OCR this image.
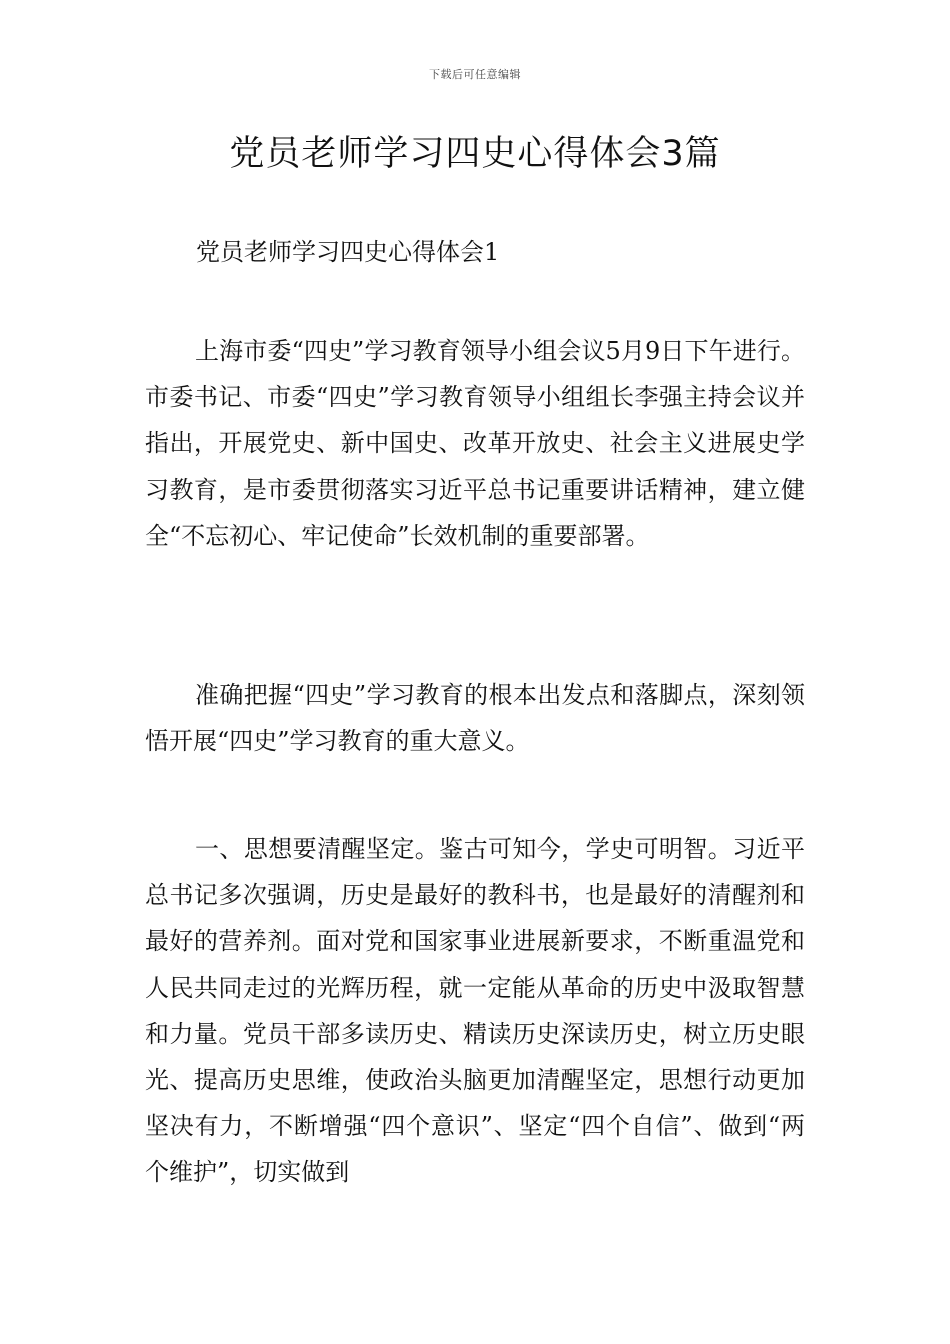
下载后可任意编辑
党员老师学习四史心得体会3篇

党员老师学习四史心得体会1

上海市委“四史”学习教育领导小组会议5月9日下午进行。市委书记、市委“四史”学习教育领导小组组长李强主持会议并指出，开展党史、新中国史、改革开放史、社会主义进展史学习教育，是市委贯彻落实习近平总书记重要讲话精神，建立健全“不忘初心、牢记使命”长效机制的重要部署。

准确把握“四史”学习教育的根本出发点和落脚点，深刻领悟开展“四史”学习教育的重大意义。

一、思想要清醒坚定。鉴古可知今，学史可明智。习近平总书记多次强调，历史是最好的教科书，也是最好的清醒剂和最好的营养剂。面对党和国家事业进展新要求，不断重温党和人民共同走过的光辉历程，就一定能从革命的历史中汲取智慧和力量。党员干部多读历史、精读历史深读历史，树立历史眼光、提高历史思维，使政治头脑更加清醒坚定，思想行动更加坚决有力，不断增强“四个意识”、坚定“四个自信”、做到“两个维护”，切实做到
